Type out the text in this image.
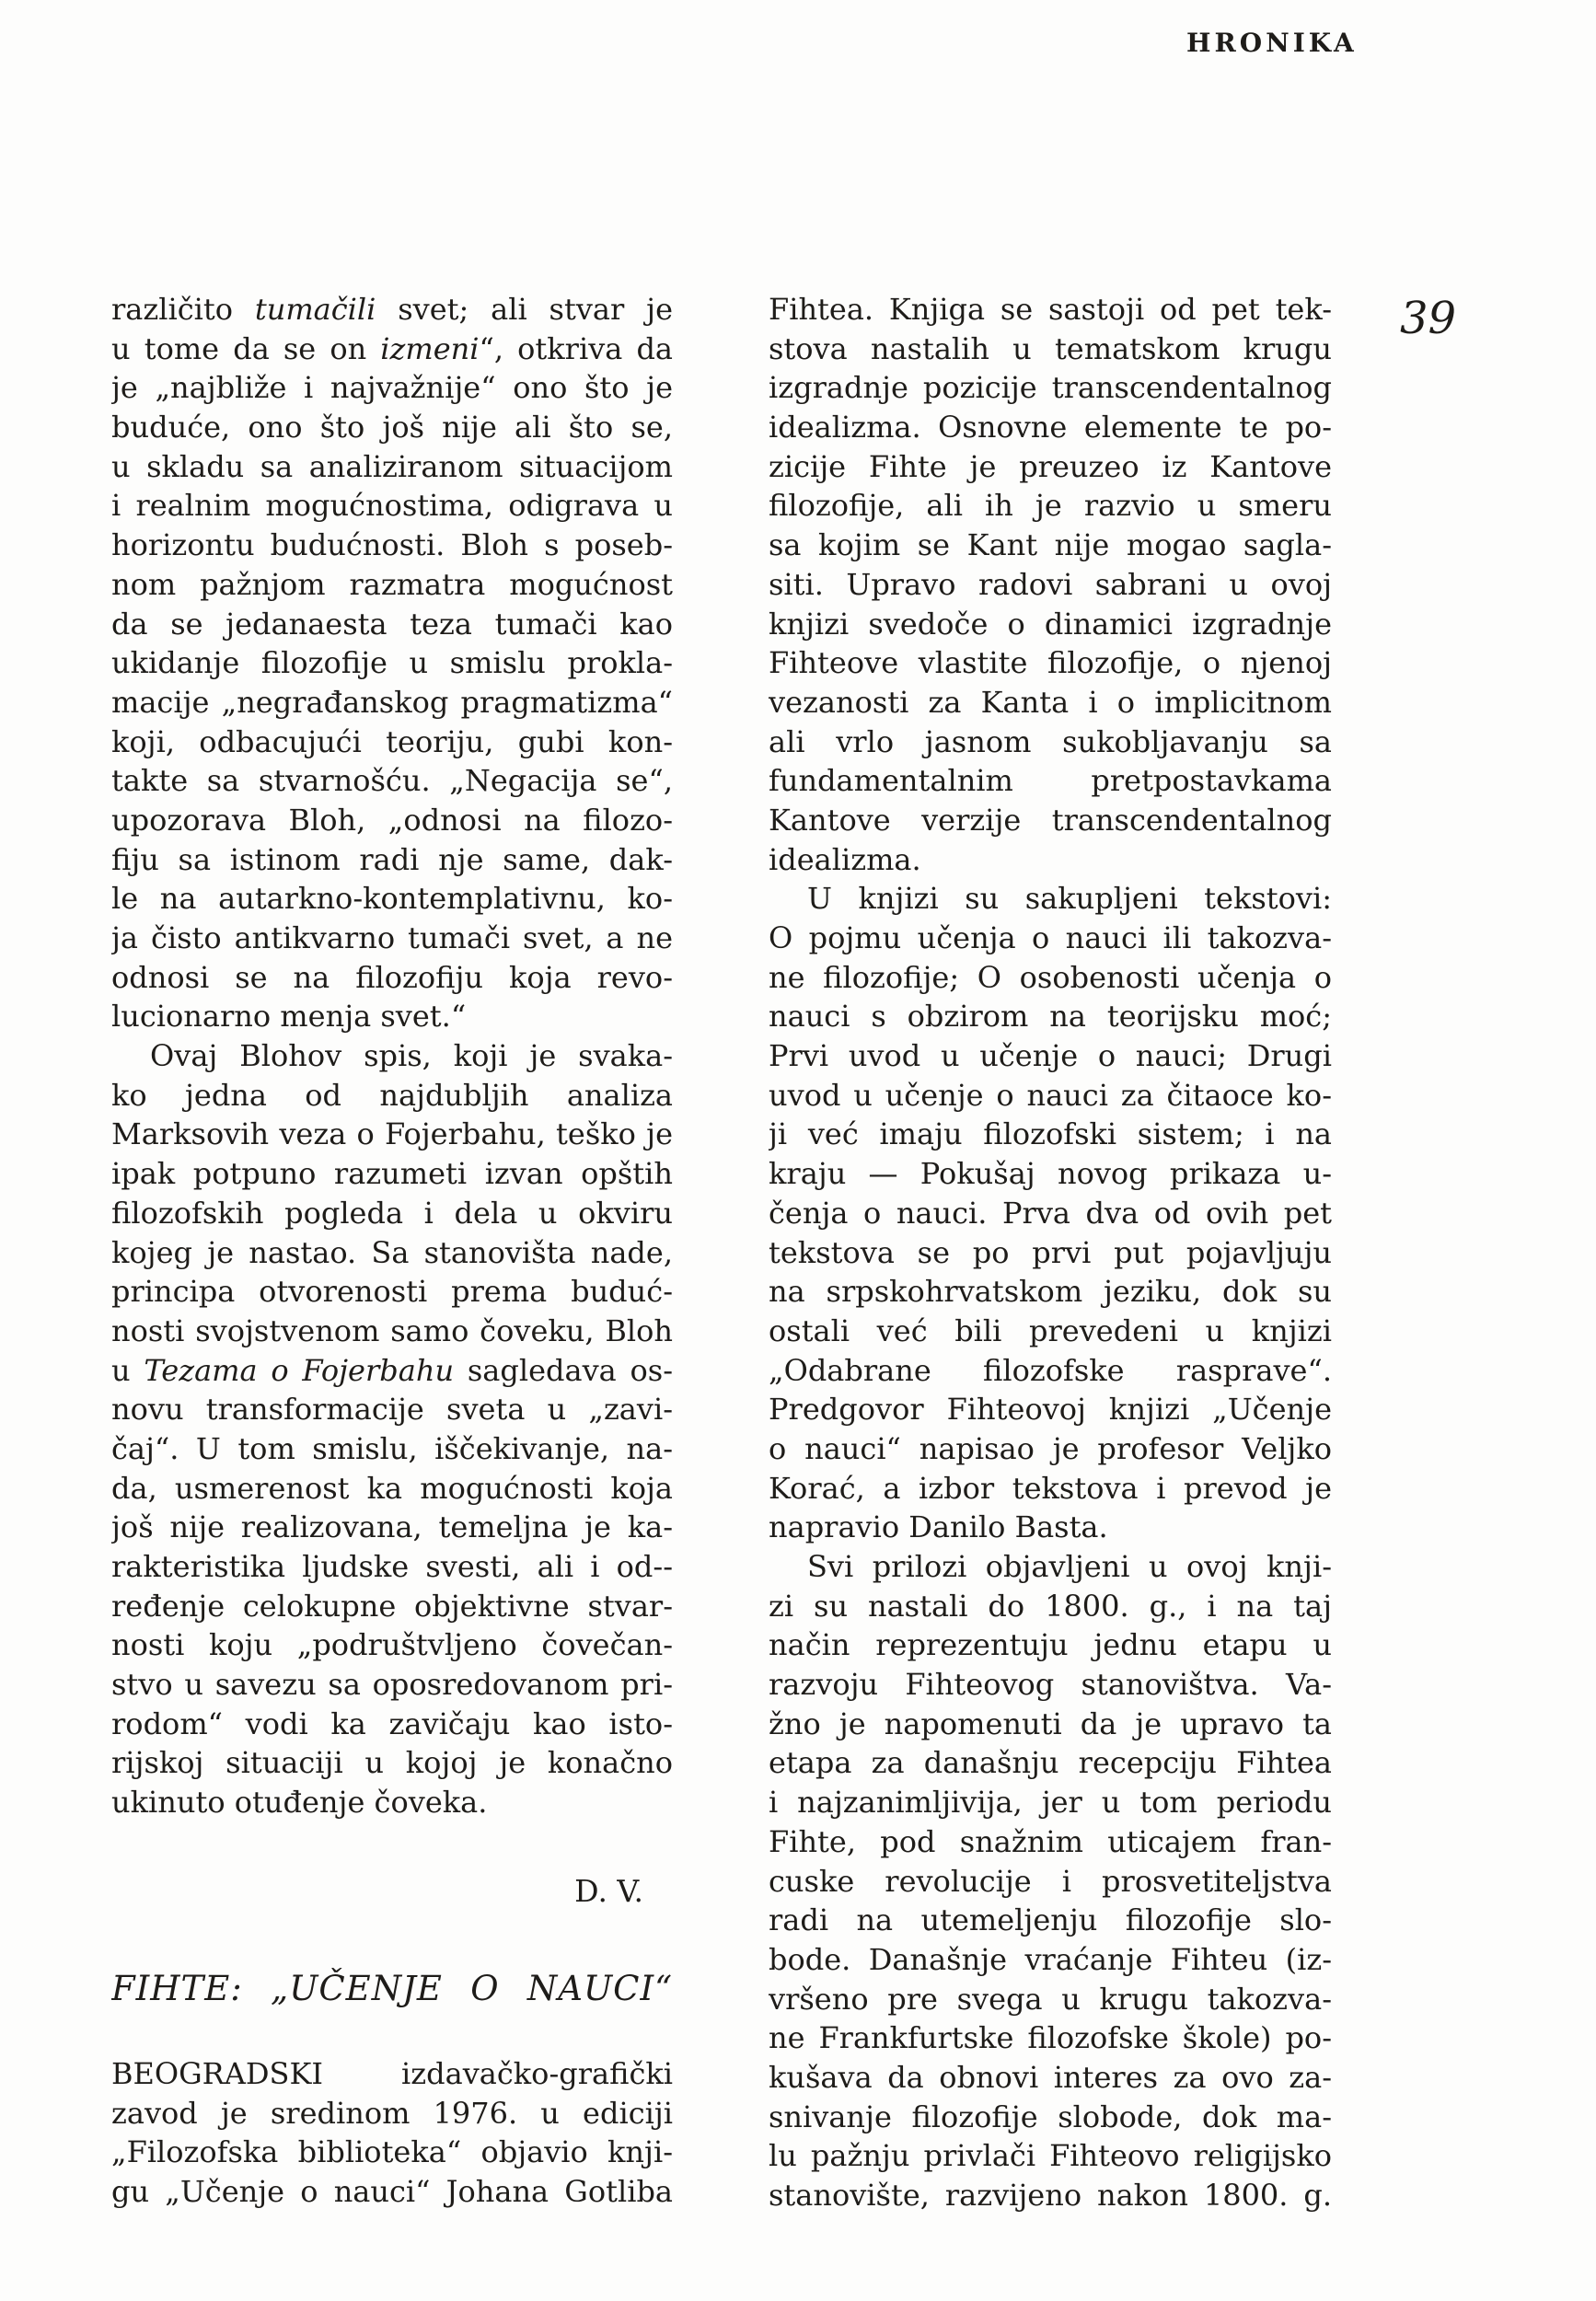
HRONIKA
39
različito tumačili svet; ali stvar je
u tome da se on izmeni“, otkriva da
je „najbliže i najvažnije“ ono što je
buduće, ono što još nije ali što se,
u skladu sa analiziranom situacijom
i realnim mogućnostima, odigrava u
horizontu budućnosti. Bloh s poseb-
nom pažnjom razmatra mogućnost
da se jedanaesta teza tumači kao
ukidanje filozofije u smislu prokla-
macije „negrađanskog pragmatizma“
koji, odbacujući teoriju, gubi kon-
takte sa stvarnošću. „Negacija se“,
upozorava Bloh, „odnosi na filozo-
fiju sa istinom radi nje same, dak-
le na autarkno-kontemplativnu, ko-
ja čisto antikvarno tumači svet, a ne
odnosi se na filozofiju koja revo-
lucionarno menja svet.“
Ovaj Blohov spis, koji je svaka-
ko jedna od najdubljih analiza
Marksovih veza o Fojerbahu, teško je
ipak potpuno razumeti izvan opštih
filozofskih pogleda i dela u okviru
kojeg je nastao. Sa stanovišta nade,
principa otvorenosti prema buduć-
nosti svojstvenom samo čoveku, Bloh
u Tezama o Fojerbahu sagledava os-
novu transformacije sveta u „zavi-
čaj“. U tom smislu, iščekivanje, na-
da, usmerenost ka mogućnosti koja
još nije realizovana, temeljna je ka-
rakteristika ljudske svesti, ali i od--
ređenje celokupne objektivne stvar-
nosti koju „podruštvljeno čovečan-
stvo u savezu sa oposredovanom pri-
rodom“ vodi ka zavičaju kao isto-
rijskoj situaciji u kojoj je konačno
ukinuto otuđenje čoveka.
D. V.
FIHTE: „UČENJE O NAUCI“
BEOGRADSKI izdavačko-grafički
zavod je sredinom 1976. u ediciji
„Filozofska biblioteka“ objavio knji-
gu „Učenje o nauci“ Johana Gotliba
Fihtea. Knjiga se sastoji od pet tek-
stova nastalih u tematskom krugu
izgradnje pozicije transcendentalnog
idealizma. Osnovne elemente te po-
zicije Fihte je preuzeo iz Kantove
filozofije, ali ih je razvio u smeru
sa kojim se Kant nije mogao sagla-
siti. Upravo radovi sabrani u ovoj
knjizi svedoče o dinamici izgradnje
Fihteove vlastite filozofije, o njenoj
vezanosti za Kanta i o implicitnom
ali vrlo jasnom sukobljavanju sa
fundamentalnim pretpostavkama
Kantove verzije transcendentalnog
idealizma.
U knjizi su sakupljeni tekstovi:
O pojmu učenja o nauci ili takozva-
ne filozofije; O osobenosti učenja o
nauci s obzirom na teorijsku moć;
Prvi uvod u učenje o nauci; Drugi
uvod u učenje o nauci za čitaoce ko-
ji već imaju filozofski sistem; i na
kraju — Pokušaj novog prikaza u-
čenja o nauci. Prva dva od ovih pet
tekstova se po prvi put pojavljuju
na srpskohrvatskom jeziku, dok su
ostali već bili prevedeni u knjizi
„Odabrane filozofske rasprave“.
Predgovor Fihteovoj knjizi „Učenje
o nauci“ napisao je profesor Veljko
Korać, a izbor tekstova i prevod je
napravio Danilo Basta.
Svi prilozi objavljeni u ovoj knji-
zi su nastali do 1800. g., i na taj
način reprezentuju jednu etapu u
razvoju Fihteovog stanovištva. Va-
žno je napomenuti da je upravo ta
etapa za današnju recepciju Fihtea
i najzanimljivija, jer u tom periodu
Fihte, pod snažnim uticajem fran-
cuske revolucije i prosvetiteljstva
radi na utemeljenju filozofije slo-
bode. Današnje vraćanje Fihteu (iz-
vršeno pre svega u krugu takozva-
ne Frankfurtske filozofske škole) po-
kušava da obnovi interes za ovo za-
snivanje filozofije slobode, dok ma-
lu pažnju privlači Fihteovo religijsko
stanovište, razvijeno nakon 1800. g.
